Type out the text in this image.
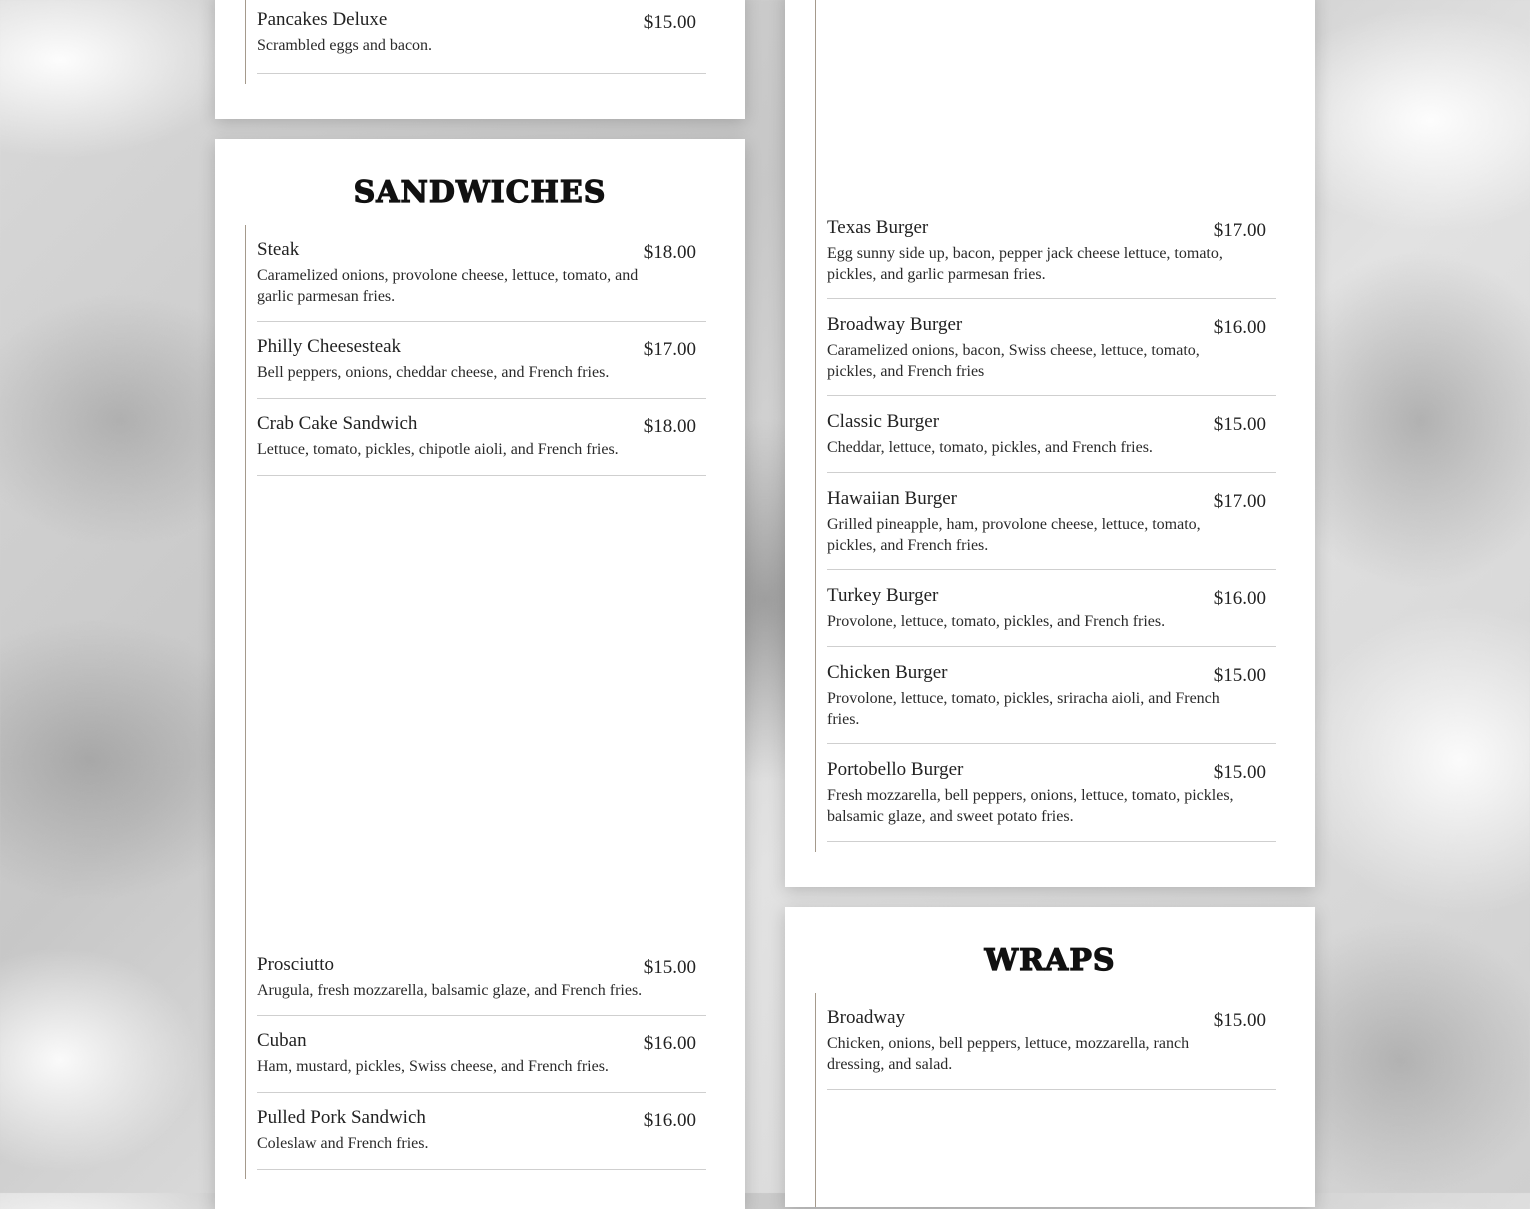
Pancakes Deluxe	$15.00
Scrambled eggs and bacon.
SANDWICHES
Steak	$18.00
Caramelized onions, provolone cheese, lettuce, tomato, and garlic parmesan fries.
Philly Cheesesteak	$17.00
Bell peppers, onions, cheddar cheese, and French fries.
Crab Cake Sandwich	$18.00
Lettuce, tomato, pickles, chipotle aioli, and French fries.
Prosciutto	$15.00
Arugula, fresh mozzarella, balsamic glaze, and French fries.
Cuban	$16.00
Ham, mustard, pickles, Swiss cheese, and French fries.
Pulled Pork Sandwich	$16.00
Coleslaw and French fries.
Texas Burger	$17.00
Egg sunny side up, bacon, pepper jack cheese lettuce, tomato, pickles, and garlic parmesan fries.
Broadway Burger	$16.00
Caramelized onions, bacon, Swiss cheese, lettuce, tomato, pickles, and French fries
Classic Burger	$15.00
Cheddar, lettuce, tomato, pickles, and French fries.
Hawaiian Burger	$17.00
Grilled pineapple, ham, provolone cheese, lettuce, tomato, pickles, and French fries.
Turkey Burger	$16.00
Provolone, lettuce, tomato, pickles, and French fries.
Chicken Burger	$15.00
Provolone, lettuce, tomato, pickles, sriracha aioli, and French fries.
Portobello Burger	$15.00
Fresh mozzarella, bell peppers, onions, lettuce, tomato, pickles, balsamic glaze, and sweet potato fries.
WRAPS
Broadway	$15.00
Chicken, onions, bell peppers, lettuce, mozzarella, ranch dressing, and salad.
